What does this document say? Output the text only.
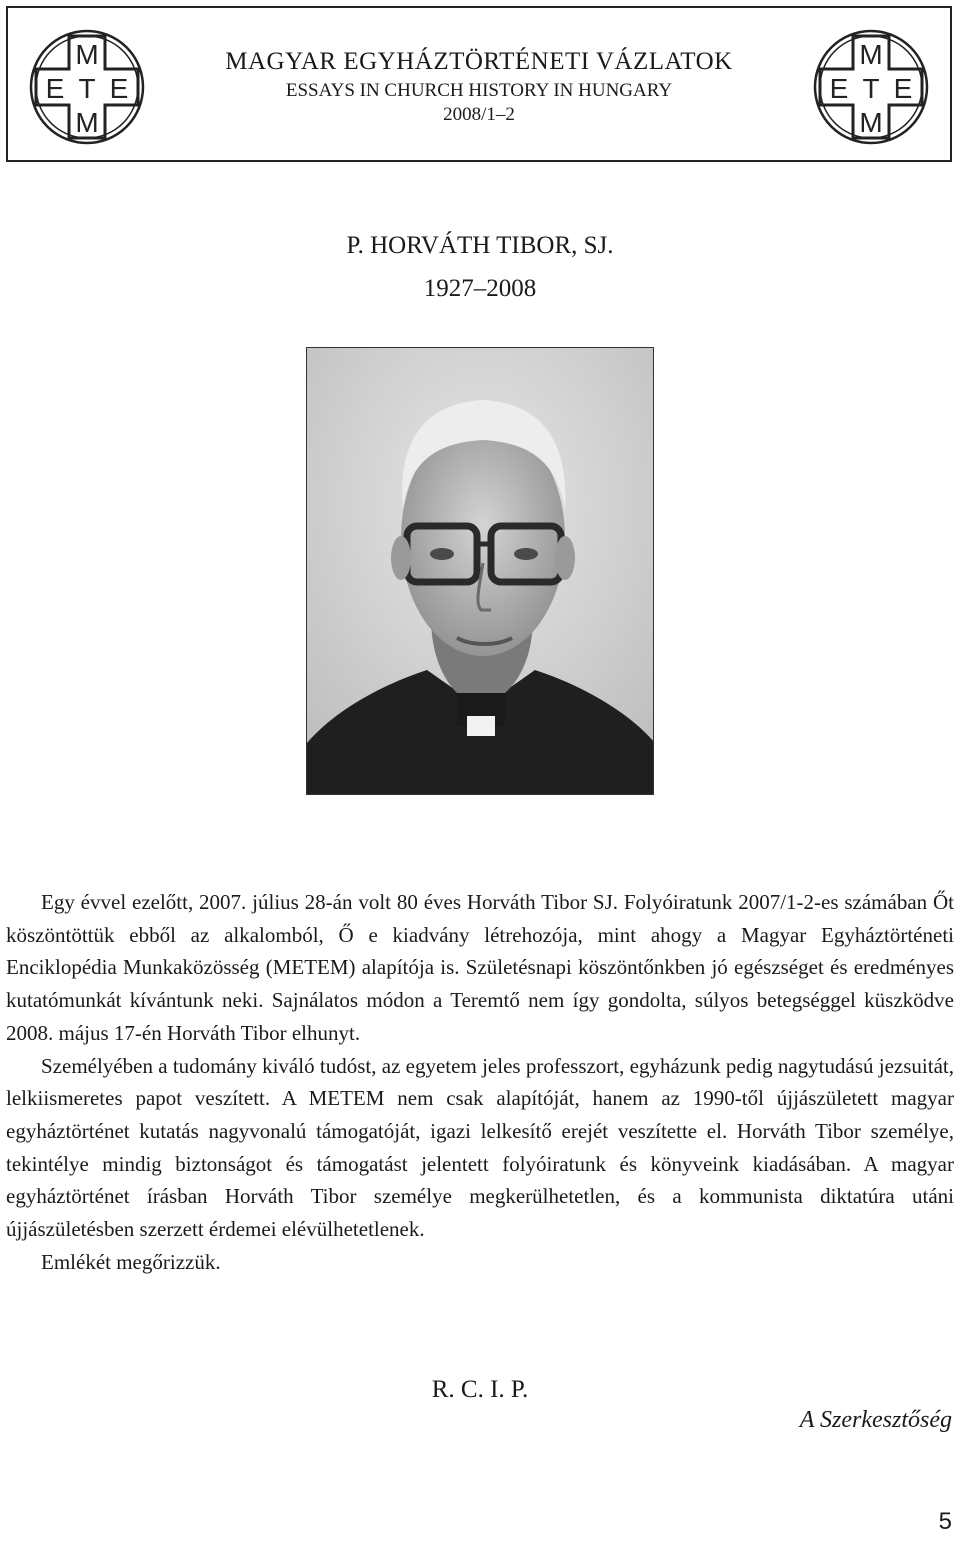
M
E T E
M
MAGYAR EGYHÁZTÖRTÉNETI VÁZLATOK
ESSAYS IN CHURCH HISTORY IN HUNGARY
2008/1–2
M
E T E
M
P. HORVÁTH TIBOR, SJ.
1927–2008

Egy évvel ezelőtt, 2007. július 28-án volt 80 éves Horváth Tibor SJ. Folyóiratunk 2007/1-2-es számában Őt köszöntöttük ebből az alkalomból, Ő e kiadvány létrehozója, mint ahogy a Magyar Egyháztörténeti Enciklopédia Munkaközösség (METEM) alapítója is. Születésnapi köszöntőnkben jó egészséget és eredményes kutatómunkát kívántunk neki. Sajnálatos módon a Teremtő nem így gondolta, súlyos betegséggel küszködve 2008. május 17-én Horváth Tibor elhunyt.

Személyében a tudomány kiváló tudóst, az egyetem jeles professzort, egyházunk pedig nagytudású jezsuitát, lelkiismeretes papot veszített. A METEM nem csak alapítóját, hanem az 1990-től újjászületett magyar egyháztörténet kutatás nagyvonalú támogatóját, igazi lelkesítő erejét veszítette el. Horváth Tibor személye, tekintélye mindig biztonságot és támogatást jelentett folyóiratunk és könyveink kiadásában. A magyar egyháztörténet írásban Horváth Tibor személye megkerülhetetlen, és a kommunista diktatúra utáni újjászületésben szerzett érdemei elévülhetetlenek.

Emlékét megőrizzük.

R. C. I. P.
A Szerkesztőség
5
